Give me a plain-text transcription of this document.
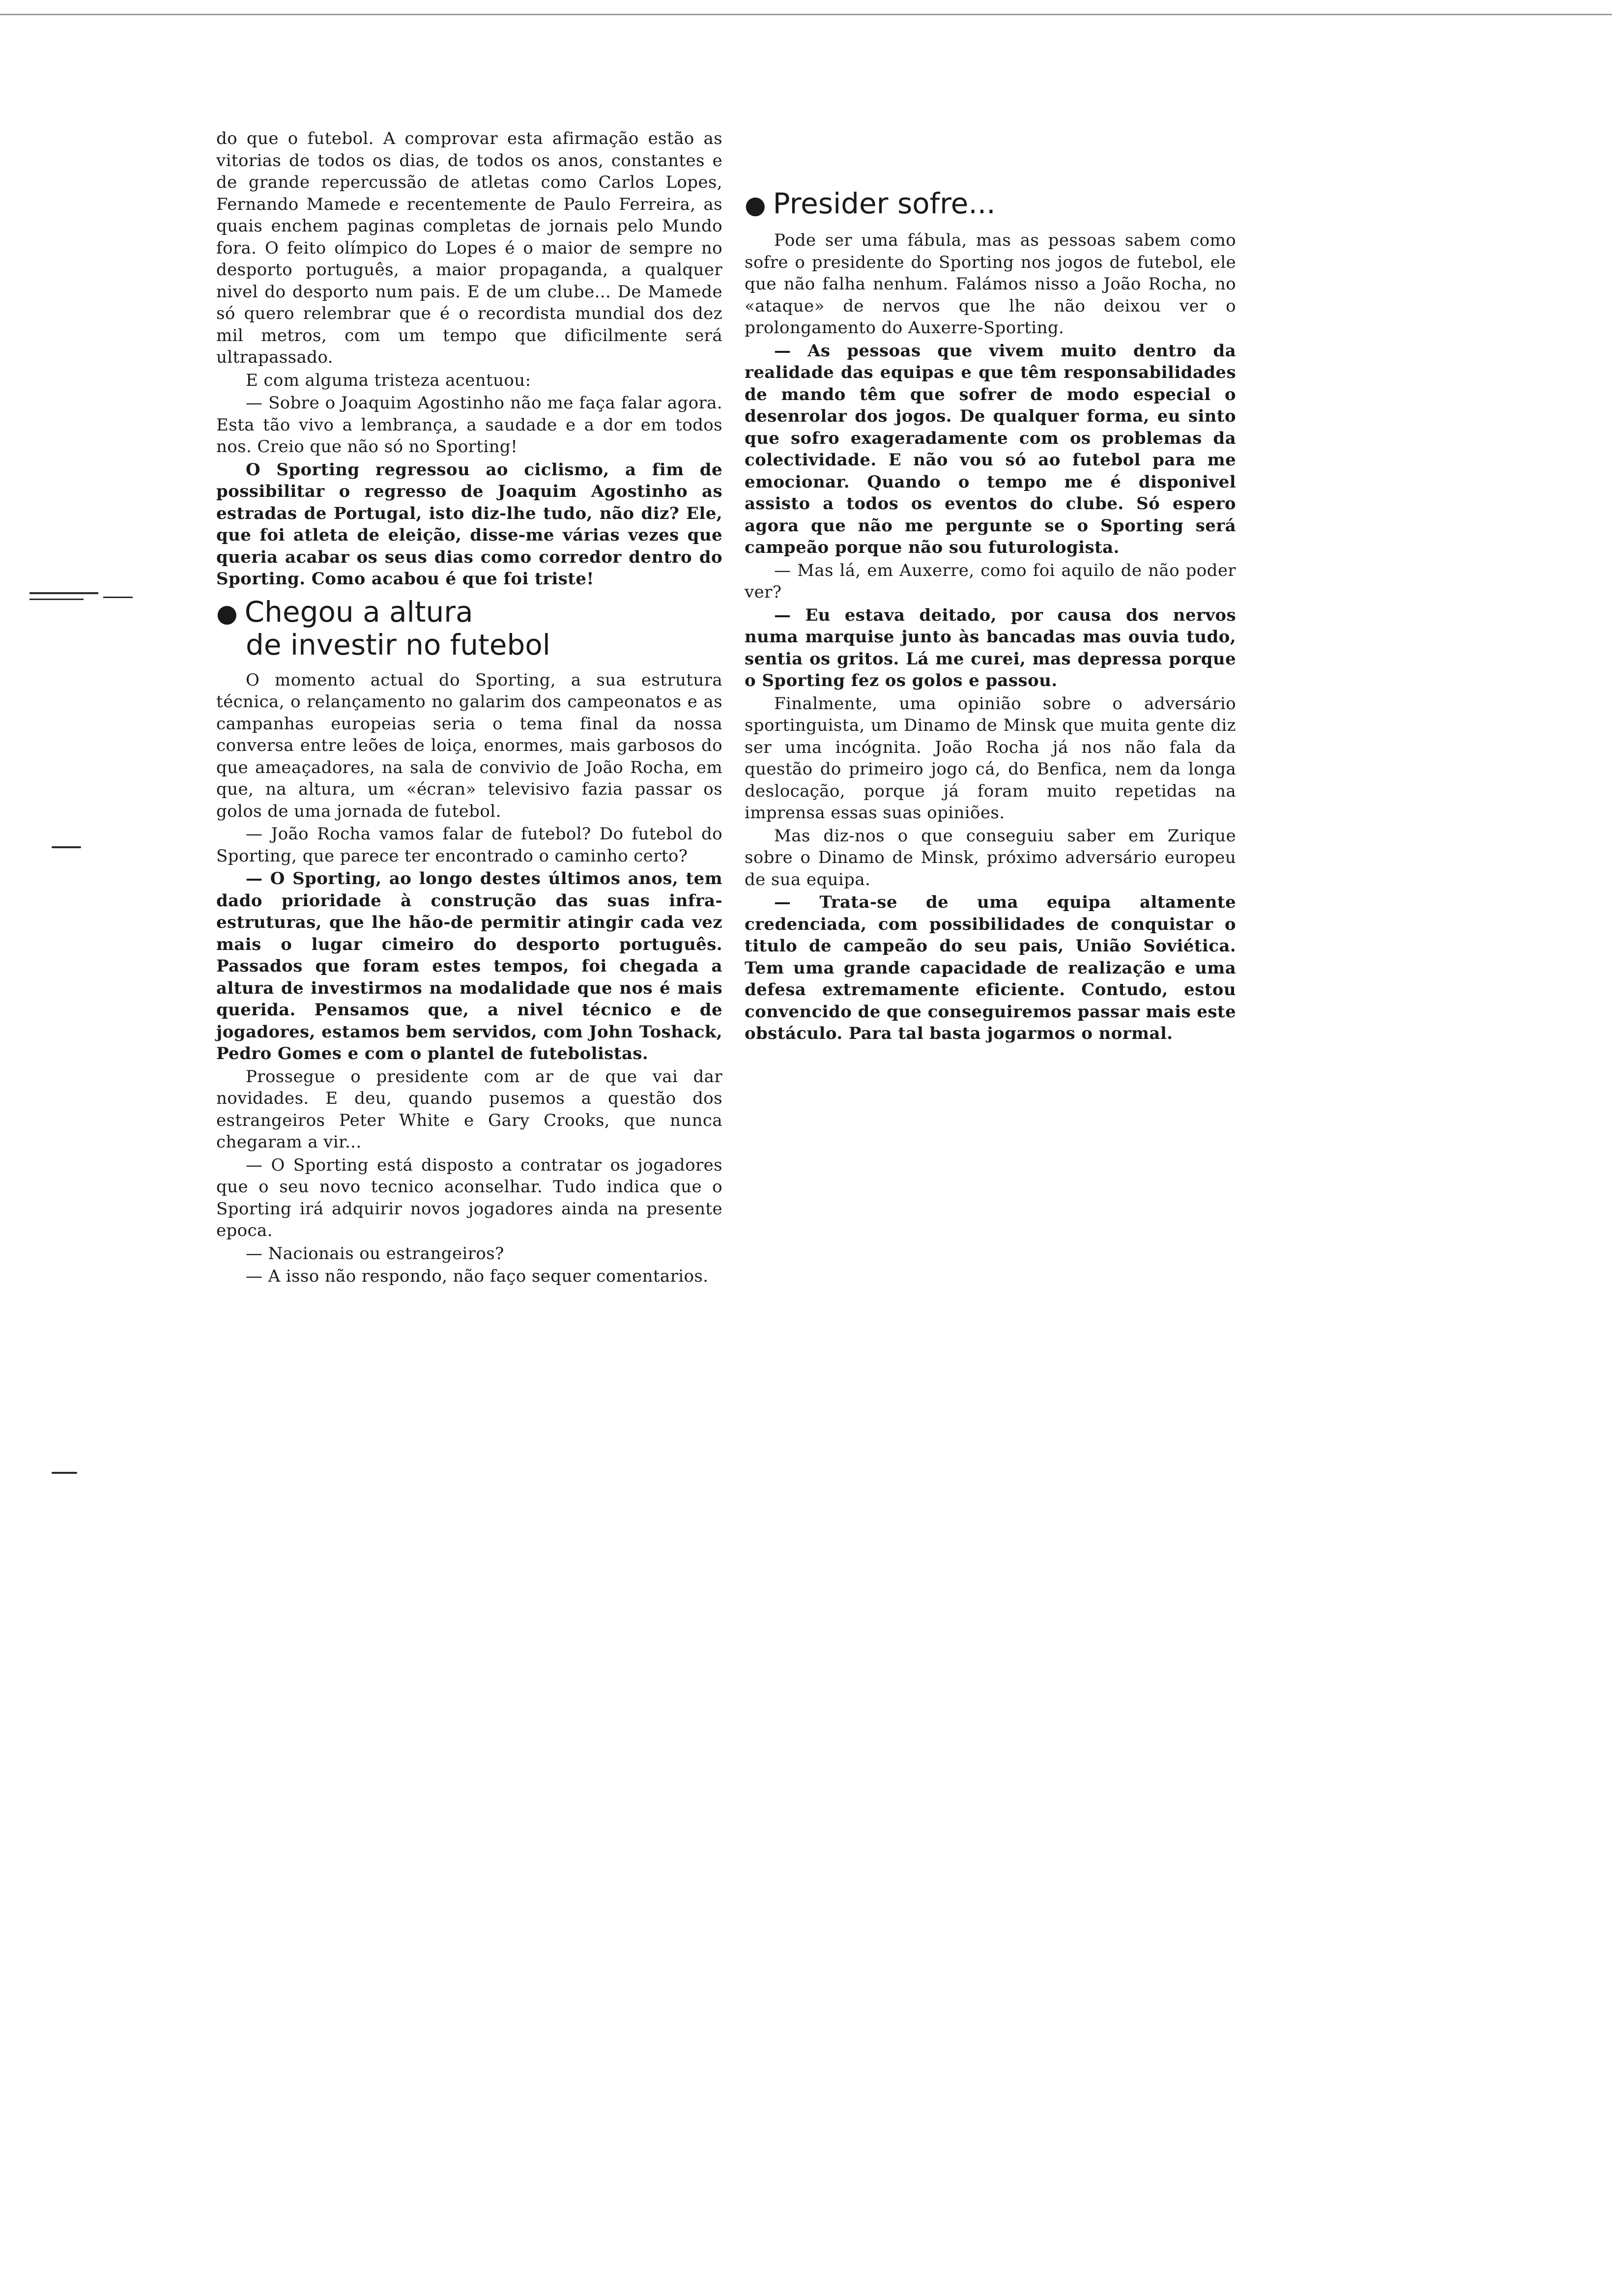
do que o futebol. A comprovar esta afirmação estão as vitorias de todos os dias, de todos os anos, constantes e de grande repercussão de atletas como Carlos Lopes, Fernando Mamede e recentemente de Paulo Ferreira, as quais enchem paginas completas de jornais pelo Mundo fora. O feito olímpico do Lopes é o maior de sempre no desporto português, a maior propaganda, a qualquer nivel do desporto num pais. E de um clube... De Mamede só quero relembrar que é o recordista mundial dos dez mil metros, com um tempo que dificilmente será ultrapassado.

E com alguma tristeza acentuou:

— Sobre o Joaquim Agostinho não me faça falar agora. Esta tão vivo a lembrança, a saudade e a dor em todos nos. Creio que não só no Sporting!

O Sporting regressou ao ciclismo, a fim de possibilitar o regresso de Joaquim Agostinho as estradas de Portugal, isto diz-lhe tudo, não diz? Ele, que foi atleta de eleição, disse-me várias vezes que queria acabar os seus dias como corredor dentro do Sporting. Como acabou é que foi triste!

● Chegou a altura
de investir no futebol

O momento actual do Sporting, a sua estrutura técnica, o relançamento no galarim dos campeonatos e as campanhas europeias seria o tema final da nossa conversa entre leões de loiça, enormes, mais garbosos do que ameaçadores, na sala de convivio de João Rocha, em que, na altura, um «écran» televisivo fazia passar os golos de uma jornada de futebol.

— João Rocha vamos falar de futebol? Do futebol do Sporting, que parece ter encontrado o caminho certo?

— O Sporting, ao longo destes últimos anos, tem dado prioridade à construção das suas infra-estruturas, que lhe hão-de permitir atingir cada vez mais o lugar cimeiro do desporto português. Passados que foram estes tempos, foi chegada a altura de investirmos na modalidade que nos é mais querida. Pensamos que, a nivel técnico e de jogadores, estamos bem servidos, com John Toshack, Pedro Gomes e com o plantel de futebolistas.

Prossegue o presidente com ar de que vai dar novidades. E deu, quando pusemos a questão dos estrangeiros Peter White e Gary Crooks, que nunca chegaram a vir...

— O Sporting está disposto a contratar os jogadores que o seu novo tecnico aconselhar. Tudo indica que o Sporting irá adquirir novos jogadores ainda na presente epoca.

— Nacionais ou estrangeiros?

— A isso não respondo, não faço sequer comentarios.

● Presider sofre...

Pode ser uma fábula, mas as pessoas sabem como sofre o presidente do Sporting nos jogos de futebol, ele que não falha nenhum. Falámos nisso a João Rocha, no «ataque» de nervos que lhe não deixou ver o prolongamento do Auxerre-Sporting.

— As pessoas que vivem muito dentro da realidade das equipas e que têm responsabilidades de mando têm que sofrer de modo especial o desenrolar dos jogos. De qualquer forma, eu sinto que sofro exageradamente com os problemas da colectividade. E não vou só ao futebol para me emocionar. Quando o tempo me é disponivel assisto a todos os eventos do clube. Só espero agora que não me pergunte se o Sporting será campeão porque não sou futurologista.

— Mas lá, em Auxerre, como foi aquilo de não poder ver?

— Eu estava deitado, por causa dos nervos numa marquise junto às bancadas mas ouvia tudo, sentia os gritos. Lá me curei, mas depressa porque o Sporting fez os golos e passou.

Finalmente, uma opinião sobre o adversário sportinguista, um Dinamo de Minsk que muita gente diz ser uma incógnita. João Rocha já nos não fala da questão do primeiro jogo cá, do Benfica, nem da longa deslocação, porque já foram muito repetidas na imprensa essas suas opiniões.

Mas diz-nos o que conseguiu saber em Zurique sobre o Dinamo de Minsk, próximo adversário europeu de sua equipa.

— Trata-se de uma equipa altamente credenciada, com possibilidades de conquistar o titulo de campeão do seu pais, União Soviética. Tem uma grande capacidade de realização e uma defesa extremamente eficiente. Contudo, estou convencido de que conseguiremos passar mais este obstáculo. Para tal basta jogarmos o normal.
